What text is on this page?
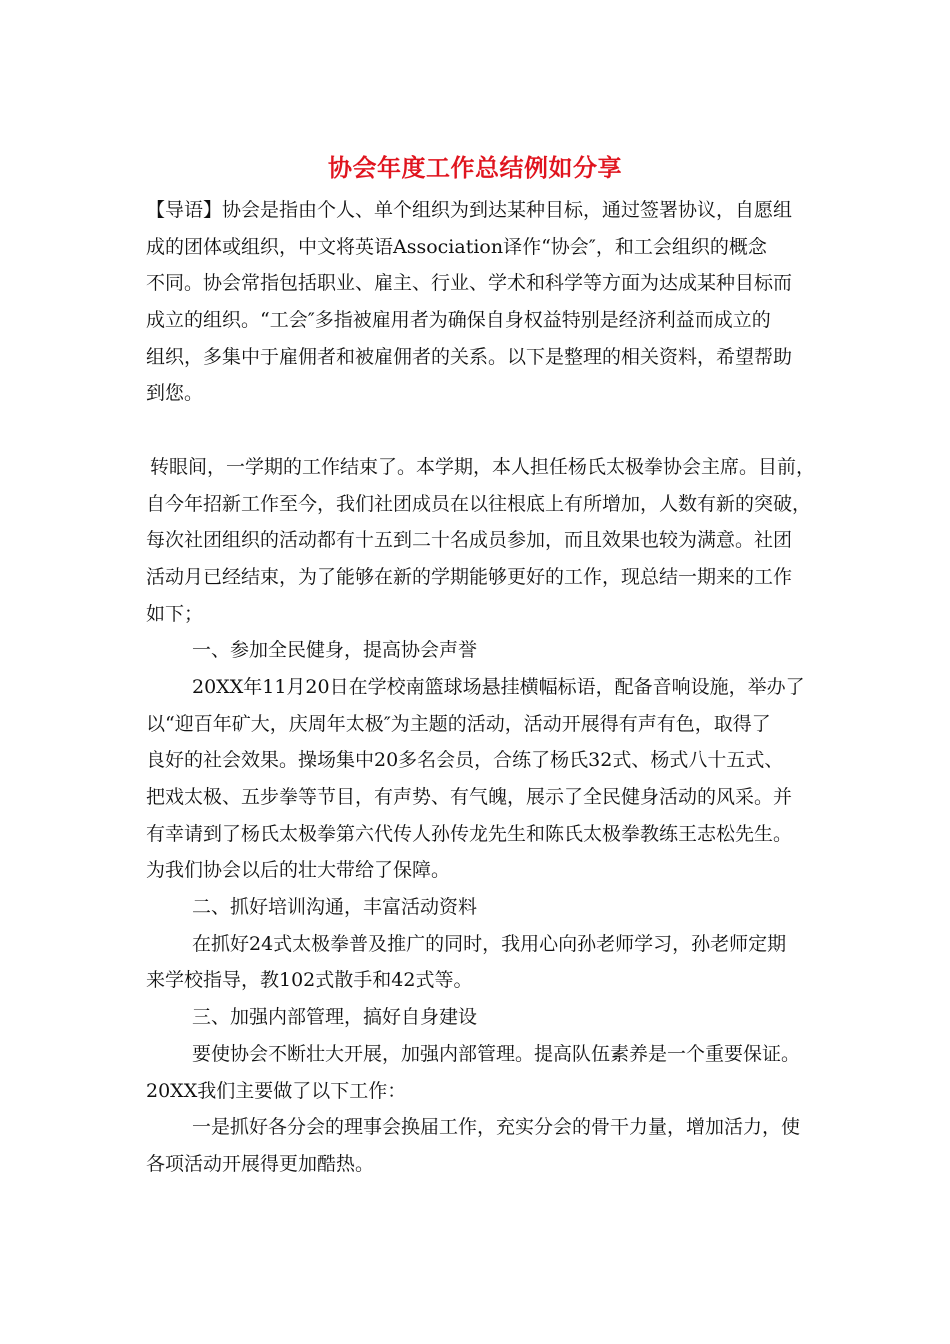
协会年度工作总结例如分享
【导语】协会是指由个人、单个组织为到达某种目标，通过签署协议，自愿组
成的团体或组织，中文将英语Association译作“协会″，和工会组织的概念
不同。协会常指包括职业、雇主、行业、学术和科学等方面为达成某种目标而
成立的组织。“工会″多指被雇用者为确保自身权益特别是经济利益而成立的
组织，多集中于雇佣者和被雇佣者的关系。以下是整理的相关资料，希望帮助
到您。
转眼间，一学期的工作结束了。本学期，本人担任杨氏太极拳协会主席。目前，
自今年招新工作至今，我们社团成员在以往根底上有所增加，人数有新的突破，
每次社团组织的活动都有十五到二十名成员参加，而且效果也较为满意。社团
活动月已经结束，为了能够在新的学期能够更好的工作，现总结一期来的工作
如下；
一、参加全民健身，提高协会声誉
20XX年11月20日在学校南篮球场悬挂横幅标语，配备音响设施，举办了
以“迎百年矿大，庆周年太极″为主题的活动，活动开展得有声有色，取得了
良好的社会效果。操场集中20多名会员，合练了杨氏32式、杨式八十五式、
把戏太极、五步拳等节目，有声势、有气魄，展示了全民健身活动的风采。并
有幸请到了杨氏太极拳第六代传人孙传龙先生和陈氏太极拳教练王志松先生。
为我们协会以后的壮大带给了保障。
二、抓好培训沟通，丰富活动资料
在抓好24式太极拳普及推广的同时，我用心向孙老师学习，孙老师定期
来学校指导，教102式散手和42式等。
三、加强内部管理，搞好自身建设
要使协会不断壮大开展，加强内部管理。提高队伍素养是一个重要保证。
20XX我们主要做了以下工作：
一是抓好各分会的理事会换届工作，充实分会的骨干力量，增加活力，使
各项活动开展得更加酷热。
